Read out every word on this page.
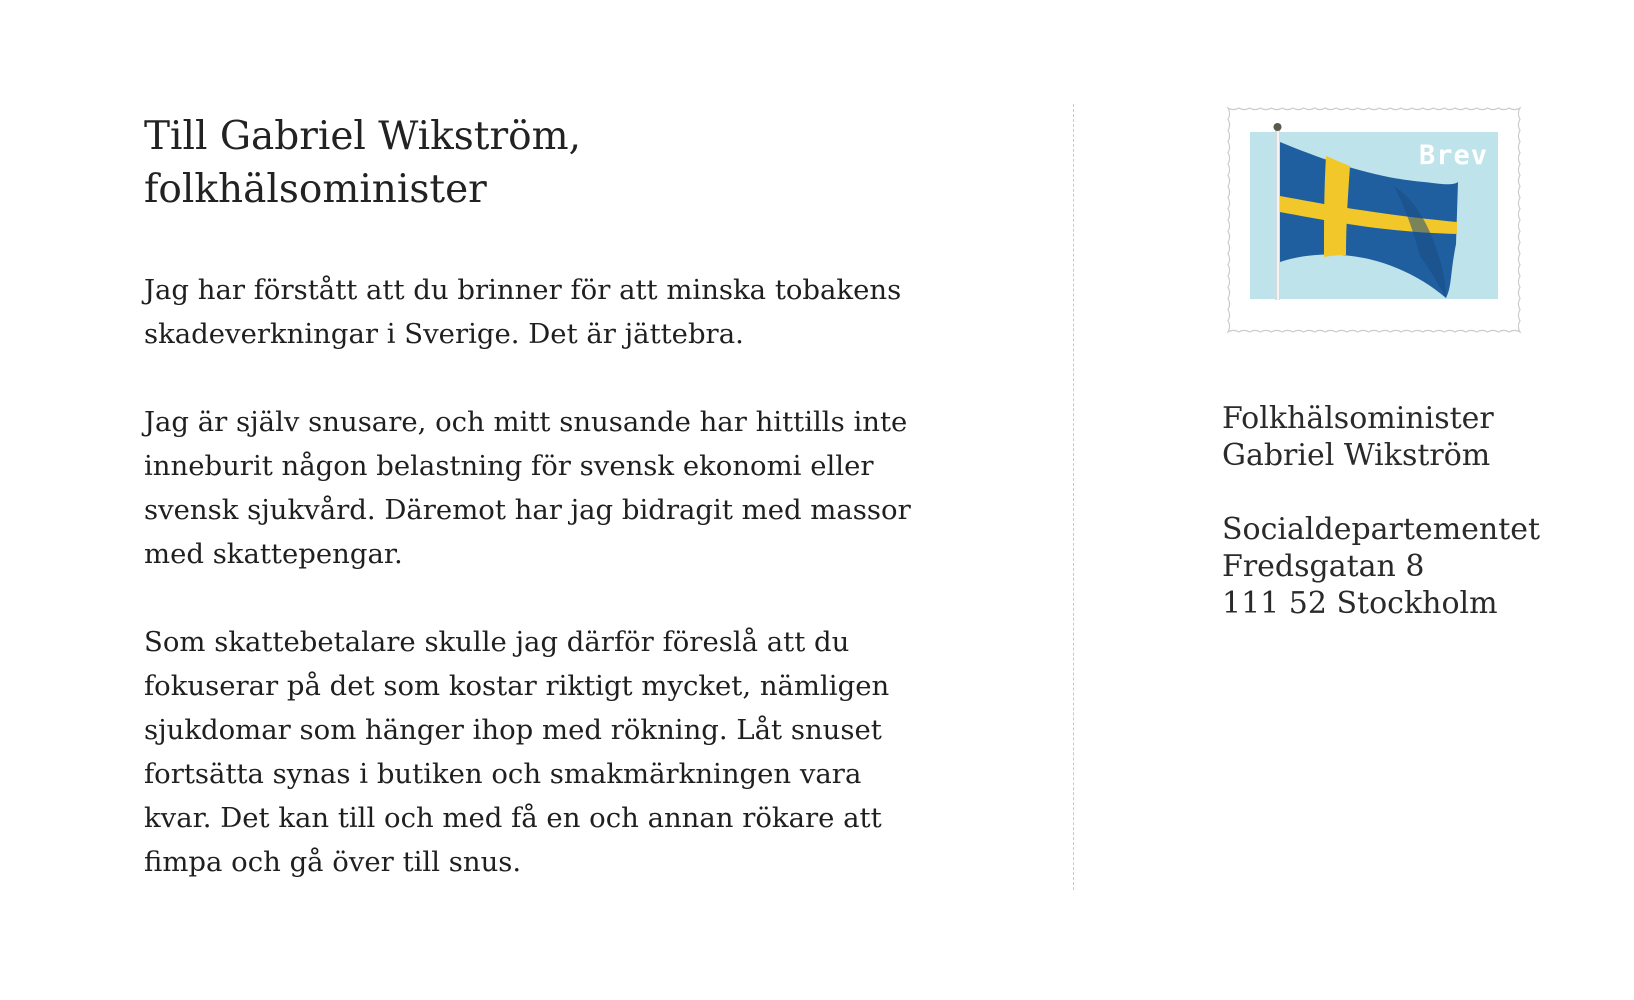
Till Gabriel Wikström,
folkhälsominister

Jag har förstått att du brinner för att minska tobakens
skadeverkningar i Sverige. Det är jättebra.

Jag är själv snusare, och mitt snusande har hittills inte
inneburit någon belastning för svensk ekonomi eller
svensk sjukvård. Däremot har jag bidragit med massor
med skattepengar.

Som skattebetalare skulle jag därför föreslå att du
fokuserar på det som kostar riktigt mycket, nämligen
sjukdomar som hänger ihop med rökning. Låt snuset
fortsätta synas i butiken och smakmärkningen vara
kvar. Det kan till och med få en och annan rökare att
fimpa och gå över till snus.

Brev
Folkhälsominister
Gabriel Wikström
Socialdepartementet
Fredsgatan 8
111 52 Stockholm
